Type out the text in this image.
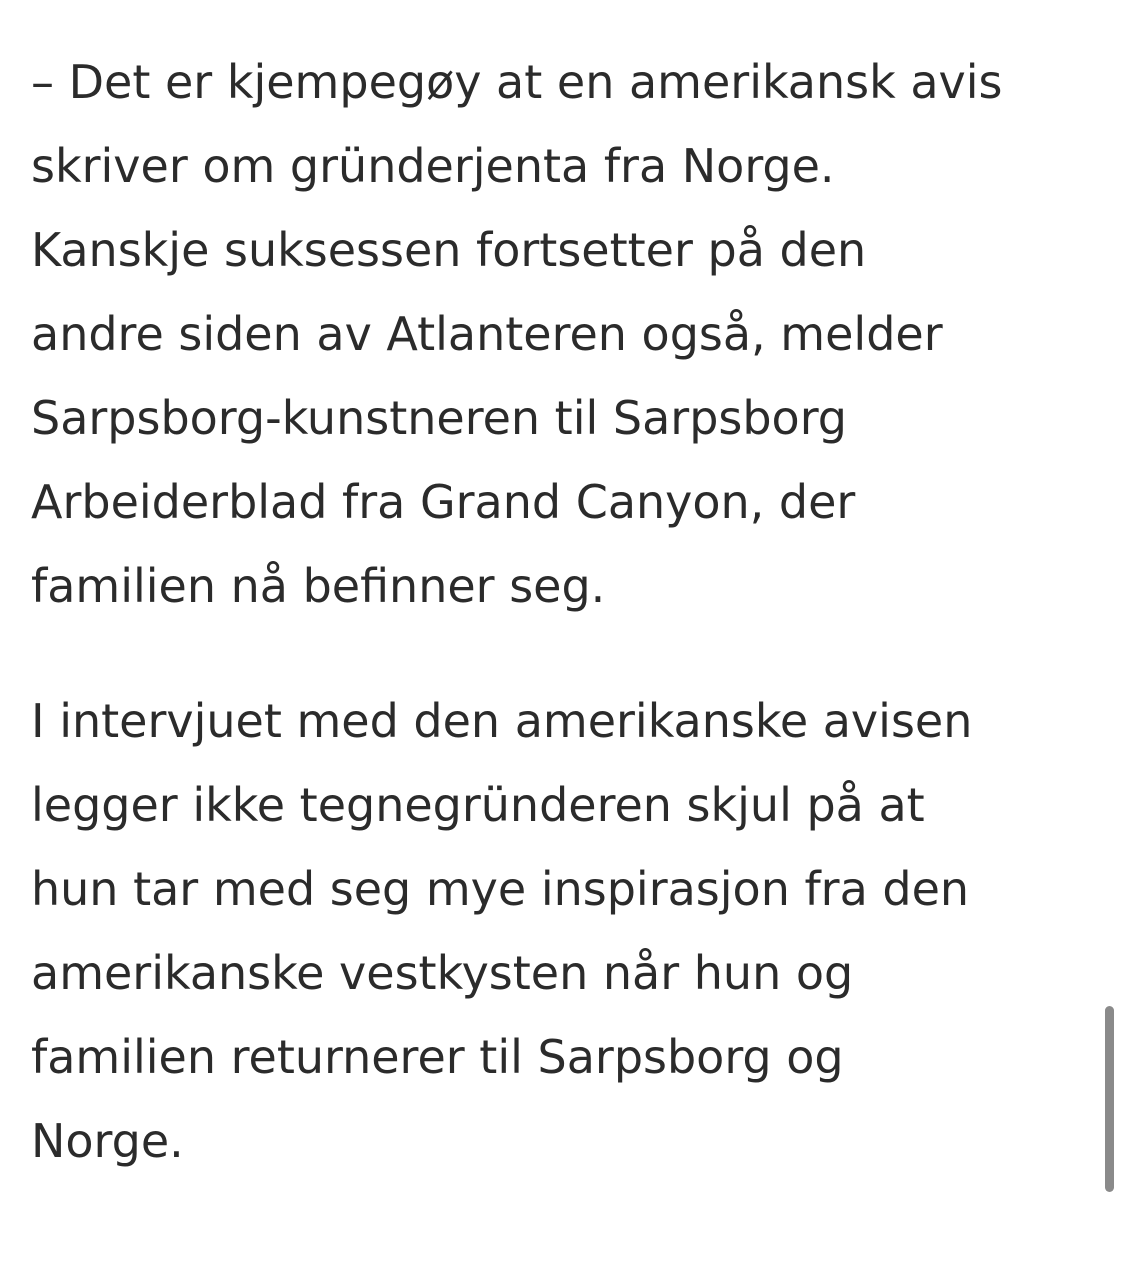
– Det er kjempegøy at en amerikansk avis
skriver om gründerjenta fra Norge.
Kanskje suksessen fortsetter på den
andre siden av Atlanteren også, melder
Sarpsborg-kunstneren til Sarpsborg
Arbeiderblad fra Grand Canyon, der
familien nå befinner seg.

I intervjuet med den amerikanske avisen
legger ikke tegnegründeren skjul på at
hun tar med seg mye inspirasjon fra den
amerikanske vestkysten når hun og
familien returnerer til Sarpsborg og
Norge.
